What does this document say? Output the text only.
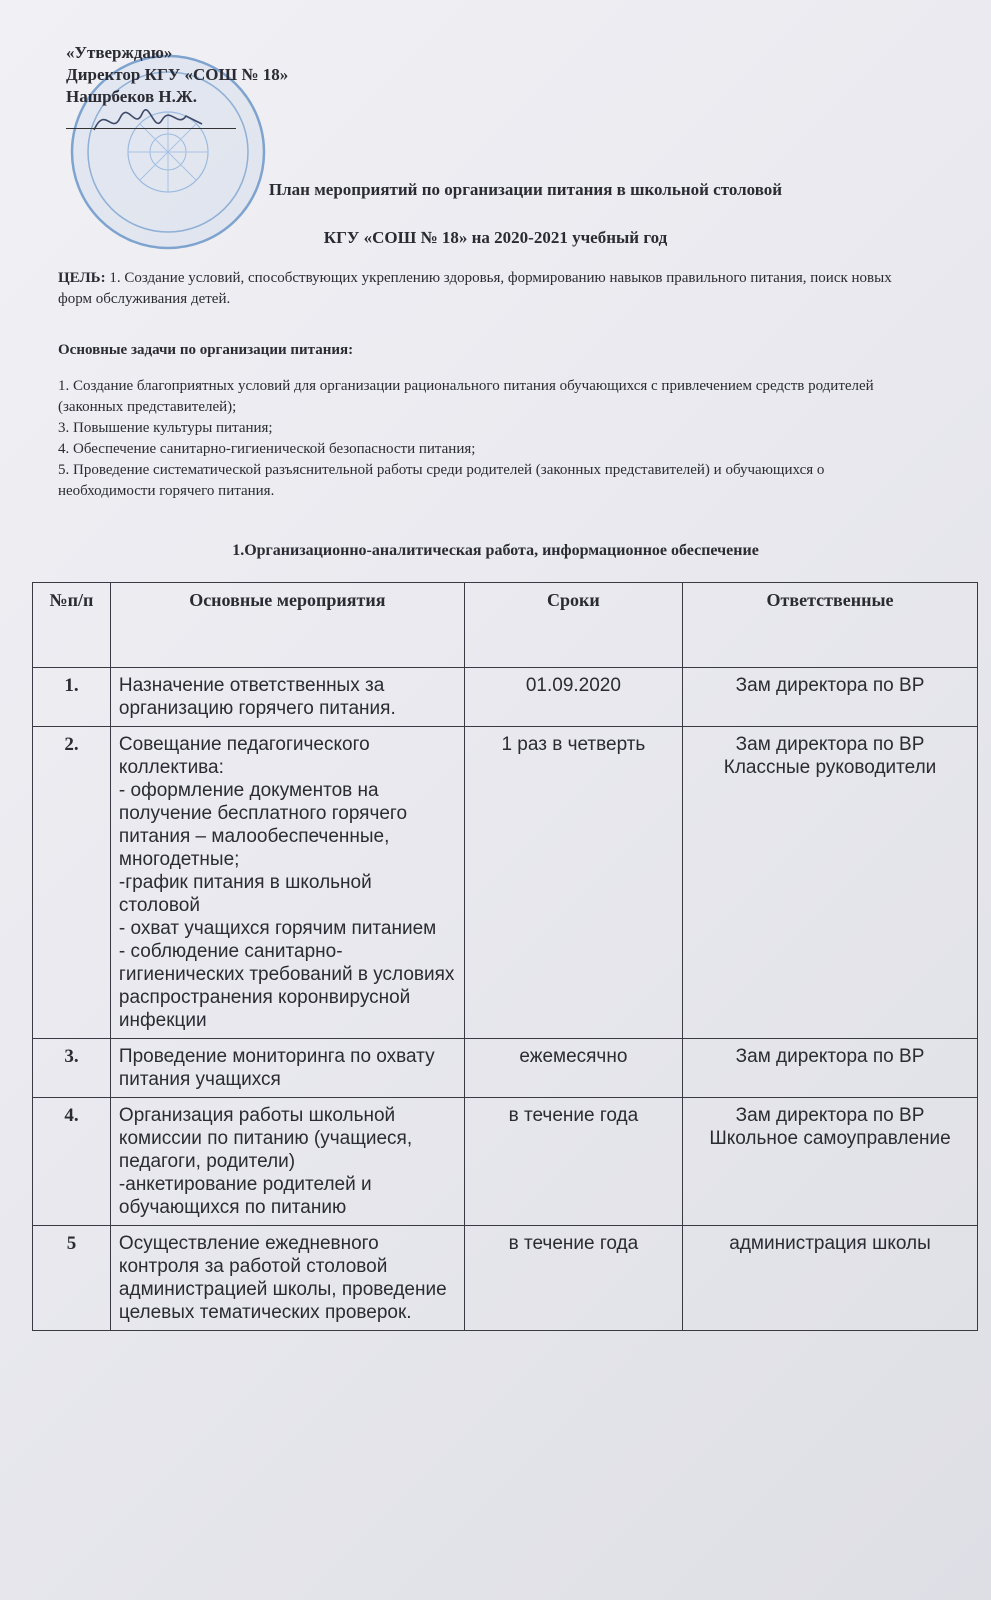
«Утверждаю»
Директор КГУ «СОШ № 18»
Нашрбеков Н.Ж.
План мероприятий по организации питания в школьной столовой
КГУ «СОШ № 18» на 2020-2021 учебный год
ЦЕЛЬ: 1. Создание условий, способствующих укреплению здоровья, формированию навыков правильного питания, поиск новых форм обслуживания детей.
Основные задачи по организации питания:
1. Создание благоприятных условий для организации рационального питания обучающихся с привлечением средств родителей (законных представителей);
3. Повышение культуры питания;
4. Обеспечение санитарно-гигиенической безопасности питания;
5. Проведение систематической разъяснительной работы среди родителей (законных представителей) и обучающихся о необходимости горячего питания.
1.Организационно-аналитическая работа, информационное обеспечение
№п/п	Основные мероприятия	Сроки	Ответственные
1.	Назначение ответственных за организацию горячего питания.	01.09.2020	Зам директора по ВР
2.	Совещание педагогического коллектива:
- оформление документов на получение бесплатного горячего питания – малообеспеченные, многодетные;
-график питания в школьной столовой
- охват учащихся горячим питанием
- соблюдение санитарно-гигиенических требований в условиях распространения коронвирусной инфекции	1 раз в четверть	Зам директора по ВР
Классные руководители
3.	Проведение мониторинга по охвату питания учащихся	ежемесячно	Зам директора по ВР
4.	Организация работы школьной комиссии по питанию (учащиеся, педагоги, родители)
-анкетирование родителей и обучающихся по питанию	в течение года	Зам директора по ВР
Школьное самоуправление
5	Осуществление ежедневного контроля за работой столовой администрацией школы, проведение целевых тематических проверок.	в течение года	администрация школы
